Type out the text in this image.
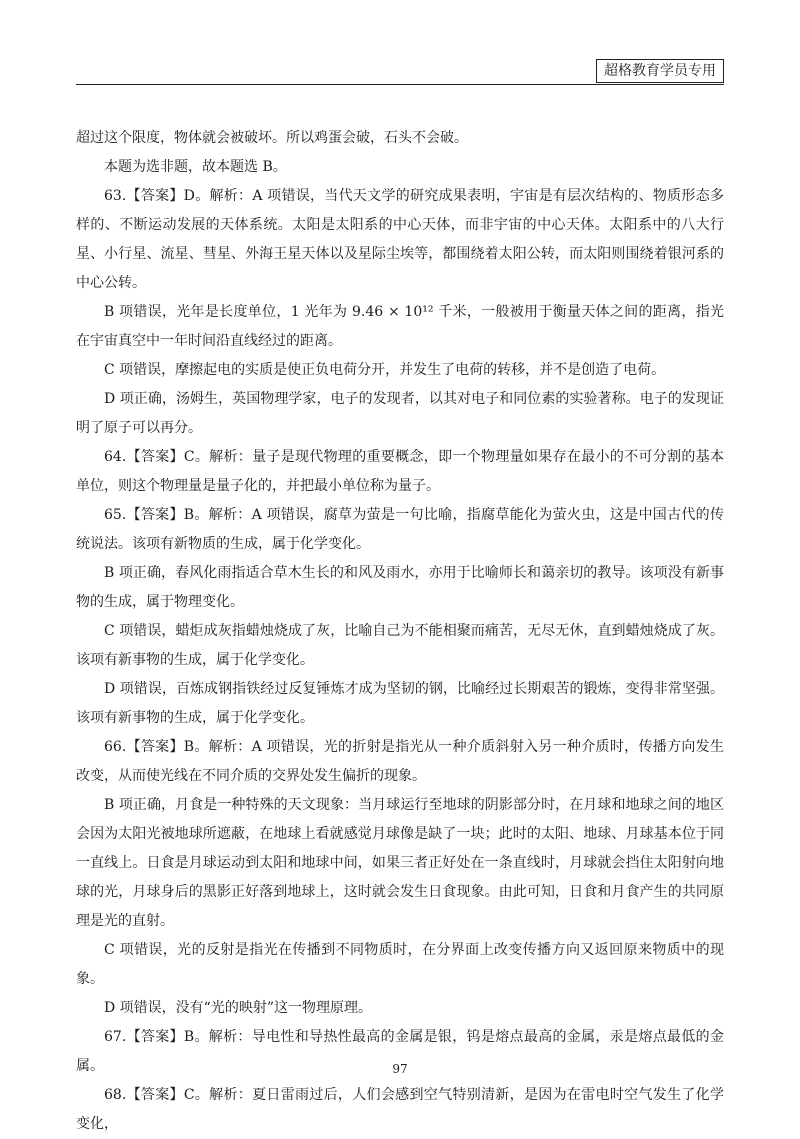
超格教育学员专用

超过这个限度，物体就会被破坏。所以鸡蛋会破，石头不会破。

本题为选非题，故本题选 B。

63.【答案】D。解析：A 项错误，当代天文学的研究成果表明，宇宙是有层次结构的、物质形态多样的、不断运动发展的天体系统。太阳是太阳系的中心天体，而非宇宙的中心天体。太阳系中的八大行星、小行星、流星、彗星、外海王星天体以及星际尘埃等，都围绕着太阳公转，而太阳则围绕着银河系的中心公转。

B 项错误，光年是长度单位，1 光年为 9.46 × 10¹² 千米，一般被用于衡量天体之间的距离，指光在宇宙真空中一年时间沿直线经过的距离。

C 项错误，摩擦起电的实质是使正负电荷分开，并发生了电荷的转移，并不是创造了电荷。

D 项正确，汤姆生，英国物理学家，电子的发现者，以其对电子和同位素的实验著称。电子的发现证明了原子可以再分。

64.【答案】C。解析：量子是现代物理的重要概念，即一个物理量如果存在最小的不可分割的基本单位，则这个物理量是量子化的，并把最小单位称为量子。

65.【答案】B。解析：A 项错误，腐草为萤是一句比喻，指腐草能化为萤火虫，这是中国古代的传统说法。该项有新物质的生成，属于化学变化。

B 项正确，春风化雨指适合草木生长的和风及雨水，亦用于比喻师长和蔼亲切的教导。该项没有新事物的生成，属于物理变化。

C 项错误，蜡炬成灰指蜡烛烧成了灰，比喻自己为不能相聚而痛苦，无尽无休，直到蜡烛烧成了灰。该项有新事物的生成，属于化学变化。

D 项错误，百炼成钢指铁经过反复锤炼才成为坚韧的钢，比喻经过长期艰苦的锻炼，变得非常坚强。该项有新事物的生成，属于化学变化。

66.【答案】B。解析：A 项错误，光的折射是指光从一种介质斜射入另一种介质时，传播方向发生改变，从而使光线在不同介质的交界处发生偏折的现象。

B 项正确，月食是一种特殊的天文现象：当月球运行至地球的阴影部分时，在月球和地球之间的地区会因为太阳光被地球所遮蔽，在地球上看就感觉月球像是缺了一块；此时的太阳、地球、月球基本位于同一直线上。日食是月球运动到太阳和地球中间，如果三者正好处在一条直线时，月球就会挡住太阳射向地球的光，月球身后的黑影正好落到地球上，这时就会发生日食现象。由此可知，日食和月食产生的共同原理是光的直射。

C 项错误，光的反射是指光在传播到不同物质时，在分界面上改变传播方向又返回原来物质中的现象。

D 项错误，没有“光的映射”这一物理原理。

67.【答案】B。解析：导电性和导热性最高的金属是银，钨是熔点最高的金属，汞是熔点最低的金属。

68.【答案】C。解析：夏日雷雨过后，人们会感到空气特别清新，是因为在雷电时空气发生了化学变化，

97
